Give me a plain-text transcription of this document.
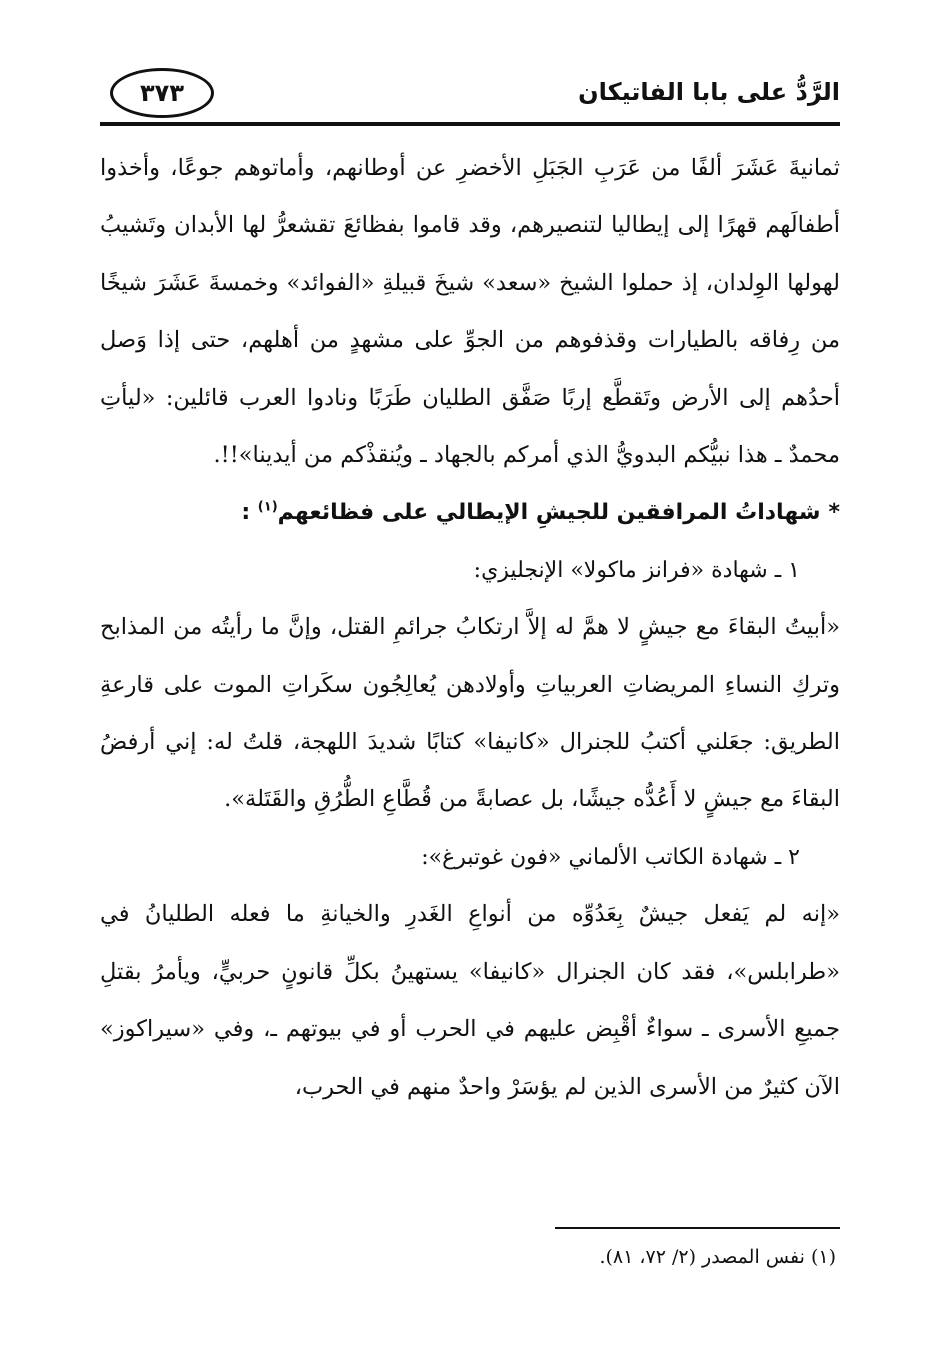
الرَّدُّ على بابا الفاتيكان
٣٧٣

ثمانيةَ عَشَرَ ألفًا من عَرَبِ الجَبَلِ الأخضرِ عن أوطانهم، وأماتوهم جوعًا، وأخذوا أطفالَهم قهرًا إلى إيطاليا لتنصيرهم، وقد قاموا بفظائعَ تقشعرُّ لها الأبدان وتَشيبُ لهولها الوِلدان، إذ حملوا الشيخ «سعد» شيخَ قبيلةِ «الفوائد» وخمسةَ عَشَرَ شيخًا من رِفاقه بالطيارات وقذفوهم من الجوِّ على مشهدٍ من أهلهم، حتى إذا وَصل أحدُهم إلى الأرض وتَقطَّع إربًا صَفَّق الطليان طَرَبًا ونادوا العرب قائلين: «ليأتِ محمدٌ ـ هذا نبيُّكم البدويُّ الذي أمركم بالجهاد ـ ويُنقذْكم من أيدينا»!!.

*شهاداتُ المرافقين للجيشِ الإيطالي على فظائعهم$^{(١)}$ :

١ ـ شهادة «فرانز ماكولا» الإنجليزي:

«أبيتُ البقاءَ مع جيشٍ لا همَّ له إلاَّ ارتكابُ جرائمِ القتل، وإنَّ ما رأيتُه من المذابح وتركِ النساءِ المريضاتِ العربياتِ وأولادهن يُعالِجُون سكَراتِ الموت على قارعةِ الطريق: جعَلني أكتبُ للجنرال «كانيفا» كتابًا شديدَ اللهجة، قلتُ له: إني أرفضُ البقاءَ مع جيشٍ لا أَعُدُّه جيشًا، بل عصابةً من قُطَّاعِ الطُّرُقِ والقَتَلة».

٢ ـ شهادة الكاتب الألماني «فون غوتبرغ»:

«إنه لم يَفعل جيشٌ بِعَدُوِّه من أنواعِ الغَدرِ والخيانةِ ما فعله الطليانُ في «طرابلس»، فقد كان الجنرال «كانيفا» يستهينُ بكلِّ قانونٍ حربيٍّ، ويأمرُ بقتلِ جميعِ الأسرى ـ سواءٌ أقْبِض عليهم في الحرب أو في بيوتهم ـ، وفي «سيراكوز» الآن كثيرٌ من الأسرى الذين لم يؤسَرْ واحدٌ منهم في الحرب،

(١) نفس المصدر (٢/ ٧٢، ٨١).
